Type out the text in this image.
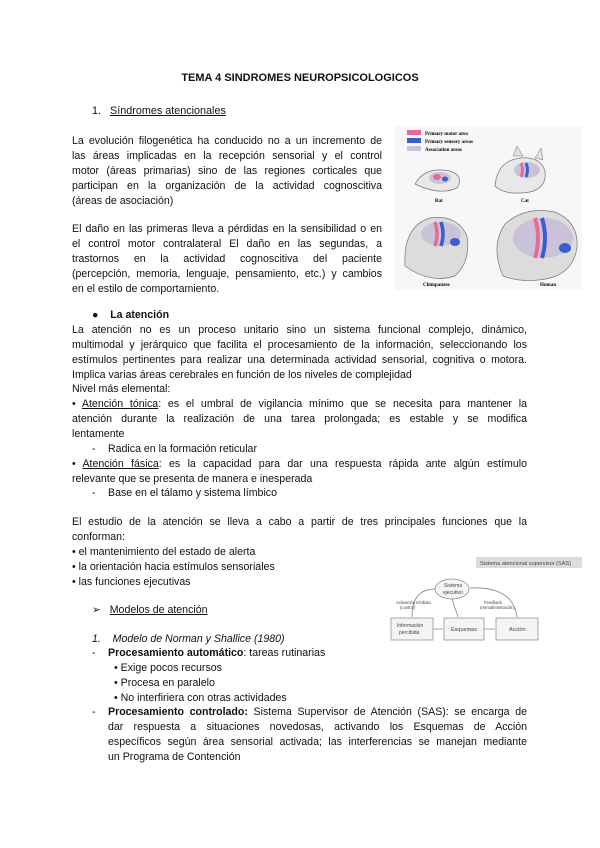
TEMA 4 SINDROMES NEUROPSICOLOGICOS
1. Síndromes atencionales
La evolución filogenética ha conducido no a un incremento de
las áreas implicadas en la recepción sensorial y el control
motor (áreas primarias) sino de las regiones corticales que
participan en la organización de la actividad cognoscitiva
(áreas de asociación)
El daño en las primeras lleva a pérdidas en la sensibilidad o en
el control motor contralateral El daño en las segundas, a
trastornos en la actividad cognoscitiva del paciente
(percepción, memoria, lenguaje, pensamiento, etc.) y cambios
en el estilo de comportamiento.
Primary motor area
Primary sensory areas
Association areas
Rat	Cat
Chimpanzee	Human
● La atención
La atención no es un proceso unitario sino un sistema funcional complejo, dinámico,
multimodal y jerárquico que facilita el procesamiento de la información, seleccionando los
estímulos pertinentes para realizar una determinada actividad sensorial, cognitiva o motora.
Implica varias áreas cerebrales en función de los niveles de complejidad
Nivel más elemental:
• Atención tónica: es el umbral de vigilancia mínimo que se necesita para mantener la
atención durante la realización de una tarea prolongada; es estable y se modifica
lentamente
- Radica en la formación reticular
• Atención fásica: es la capacidad para dar una respuesta rápida ante algún estímulo
relevante que se presenta de manera e inesperada
- Base en el tálamo y sistema límbico
El estudio de la atención se lleva a cabo a partir de tres principales funciones que la
conforman:
• el mantenimiento del estado de alerta
• la orientación hacia estímulos sensoriales
• las funciones ejecutivas
➢ Modelos de atención
1. Modelo de Norman y Shallice (1980)
- Procesamiento automático: tareas rutinarias
• Exige pocos recursos
• Procesa en paralelo
• No interfiriera con otras actividades
- Procesamiento controlado: Sistema Supervisor de Atención (SAS): se encarga de
dar respuesta a situaciones novedosas, activando los Esquemas de Acción
específicos según área sensorial activada; las interferencias se manejan mediante
un Programa de Contención
Sistema atencional supervisor (SAS)
Sistema
ejecutivo
Activación inhibida
(control)
Feedback
(retroalimentación)
Información
percibida	Esquemas	Acción
